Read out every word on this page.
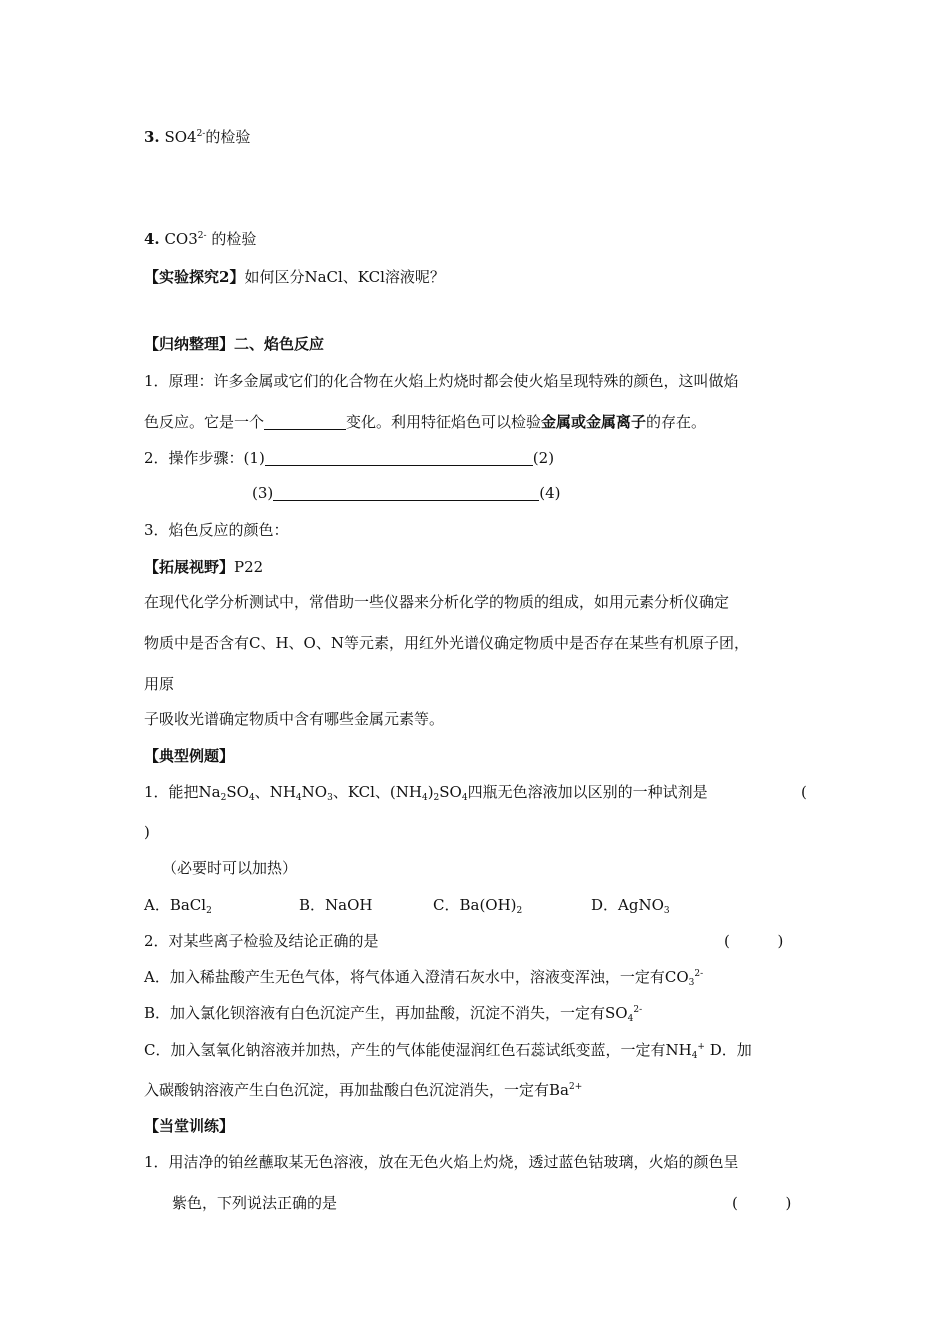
3. $SO4^{2-}$的检验
4. $CO3^{2-}$ 的检验
【实验探究2】如何区分NaCl、KCl溶液呢？
【归纳整理】二、焰色反应
1．原理：许多金属或它们的化合物在火焰上灼烧时都会使火焰呈现特殊的颜色，这叫做焰
色反应。它是一个	变化。利用特征焰色可以检验金属或金属离子的存在。
2．操作步骤：(1)	(2)
(3)	(4)
3．焰色反应的颜色：
【拓展视野】P22
在现代化学分析测试中，常借助一些仪器来分析化学的物质的组成，如用元素分析仪确定
物质中是否含有C、H、O、N等元素，用红外光谱仪确定物质中是否存在某些有机原子团，
用原
子吸收光谱确定物质中含有哪些金属元素等。
【典型例题】
1．能把$Na_2SO_4$、$NH_4NO_3$、KCl、$(NH_4)_2SO_4$四瓶无色溶液加以区别的一种试剂是	(
)
（必要时可以加热）
A．BaCl$_2$	B．NaOH	C．$Ba(OH)_2$	D．AgNO$_3$
2．对某些离子检验及结论正确的是	(          )
A．加入稀盐酸产生无色气体，将气体通入澄清石灰水中，溶液变浑浊，一定有$CO_3^{2-}$
B．加入氯化钡溶液有白色沉淀产生，再加盐酸，沉淀不消失，一定有$SO_4^{2-}$
C．加入氢氧化钠溶液并加热，产生的气体能使湿润红色石蕊试纸变蓝，一定有$NH_4^+$ D．加
入碳酸钠溶液产生白色沉淀，再加盐酸白色沉淀消失，一定有$Ba^{2+}$
【当堂训练】
1．用洁净的铂丝蘸取某无色溶液，放在无色火焰上灼烧，透过蓝色钴玻璃，火焰的颜色呈
紫色，下列说法正确的是	(          )
